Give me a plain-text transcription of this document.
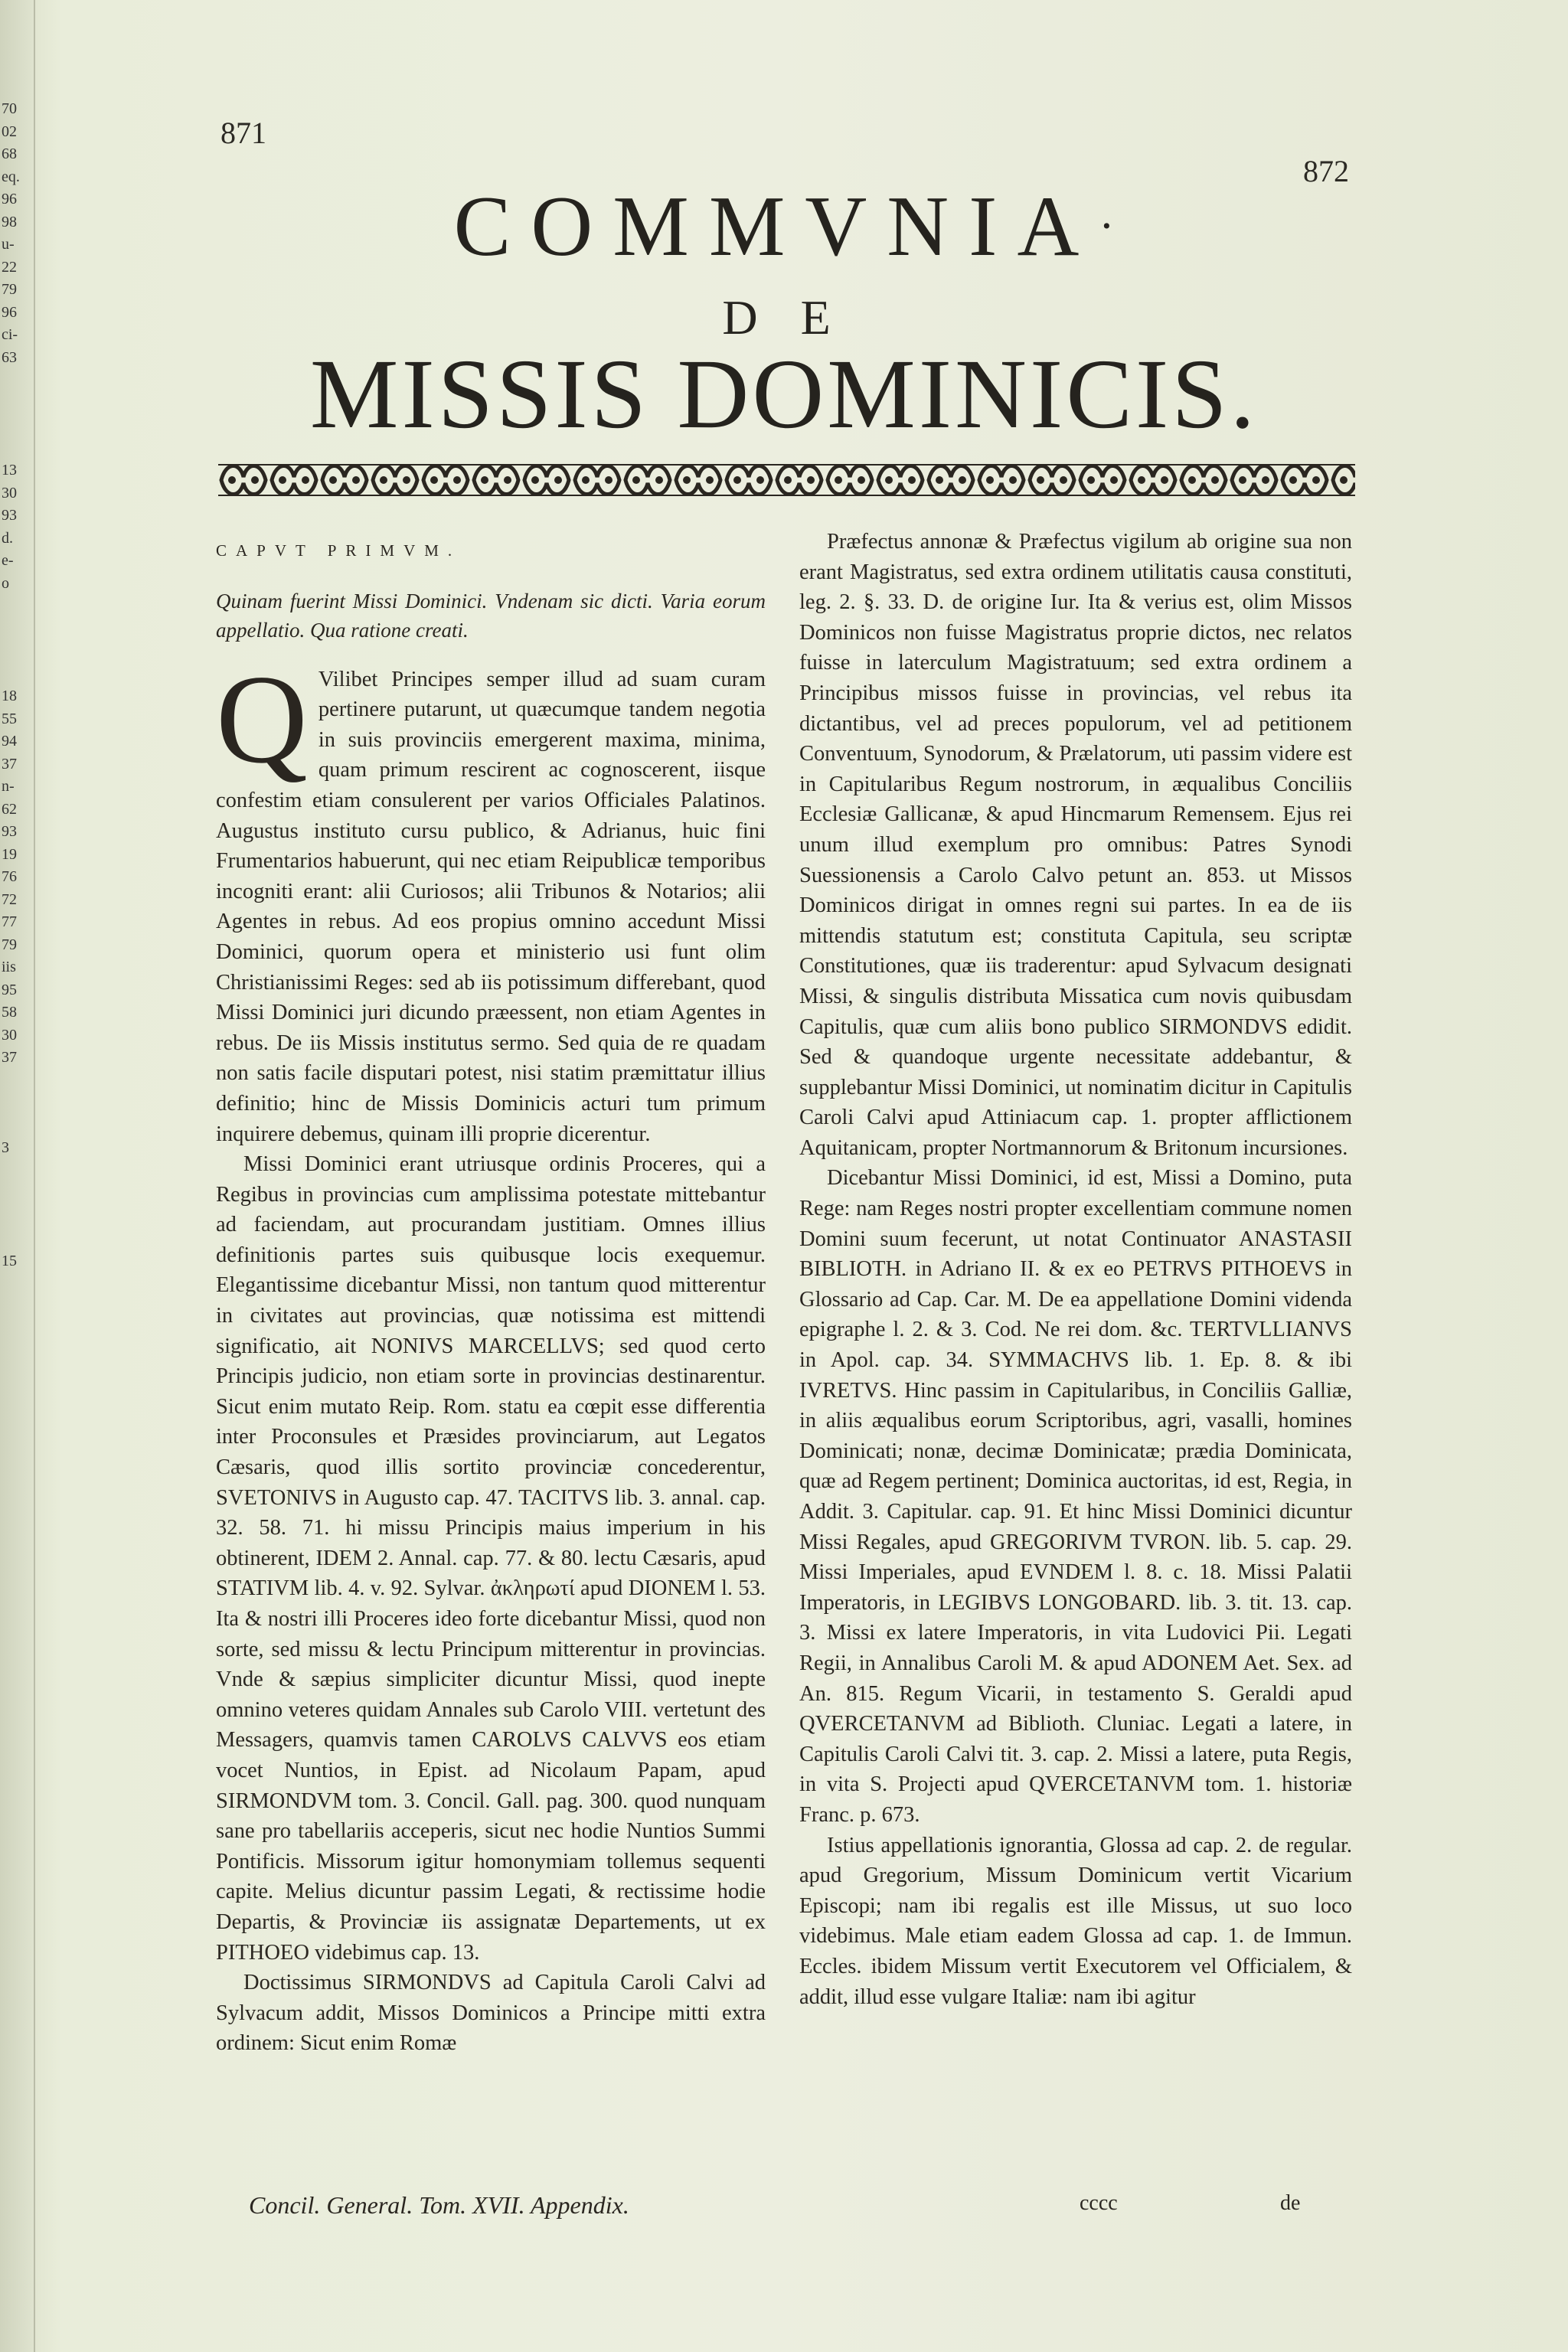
70
02
68
eq.
96
98
u-
22
79
96
ci-
63
13
30
93
d.
e-
o
18
55
94
37
n-
62
93
19
76
72
77
79
iis
95
58
30
37
3
15
871
872
COMMVNIA·
D E
MISSIS DOMINICIS.

CAPVT PRIMVM.

Quinam fuerint Missi Dominici. Vndenam sic dicti. Varia eorum appellatio. Qua ratione creati.

Q Vilibet Principes semper illud ad suam curam pertinere putarunt, ut quæcumque tandem negotia in suis provinciis emergerent maxima, minima, quam primum rescirent ac cognoscerent, iisque confestim etiam consulerent per varios Officiales Palatinos. Augustus instituto cursu publico, & Adrianus, huic fini Frumentarios habuerunt, qui nec etiam Reipublicæ temporibus incogniti erant: alii Curiosos; alii Tribunos & Notarios; alii Agentes in rebus. Ad eos propius omnino accedunt Missi Dominici, quorum opera et ministerio usi funt olim Christianissimi Reges: sed ab iis potissimum differebant, quod Missi Dominici juri dicundo præessent, non etiam Agentes in rebus. De iis Missis institutus sermo. Sed quia de re quadam non satis facile disputari potest, nisi statim præmittatur illius definitio; hinc de Missis Dominicis acturi tum primum inquirere debemus, quinam illi proprie dicerentur.

Missi Dominici erant utriusque ordinis Proceres, qui a Regibus in provincias cum amplissima potestate mittebantur ad faciendam, aut procurandam justitiam. Omnes illius definitionis partes suis quibusque locis exequemur. Elegantissime dicebantur Missi, non tantum quod mitterentur in civitates aut provincias, quæ notissima est mittendi significatio, ait NONIVS MARCELLVS; sed quod certo Principis judicio, non etiam sorte in provincias destinarentur. Sicut enim mutato Reip. Rom. statu ea cœpit esse differentia inter Proconsules et Præsides provinciarum, aut Legatos Cæsaris, quod illis sortito provinciæ concederentur, SVETONIVS in Augusto cap. 47. TACITVS lib. 3. annal. cap. 32. 58. 71. hi missu Principis maius imperium in his obtinerent, IDEM 2. Annal. cap. 77. & 80. lectu Cæsaris, apud STATIVM lib. 4. v. 92. Sylvar. ἀκληρωτί apud DIONEM l. 53. Ita & nostri illi Proceres ideo forte dicebantur Missi, quod non sorte, sed missu & lectu Principum mitterentur in provincias. Vnde & sæpius simpliciter dicuntur Missi, quod inepte omnino veteres quidam Annales sub Carolo VIII. vertetunt des Messagers, quamvis tamen CAROLVS CALVVS eos etiam vocet Nuntios, in Epist. ad Nicolaum Papam, apud SIRMONDVM tom. 3. Concil. Gall. pag. 300. quod nunquam sane pro tabellariis acceperis, sicut nec hodie Nuntios Summi Pontificis. Missorum igitur homonymiam tollemus sequenti capite. Melius dicuntur passim Legati, & rectissime hodie Departis, & Provinciæ iis assignatæ Departements, ut ex PITHOEO videbimus cap. 13.

Doctissimus SIRMONDVS ad Capitula Caroli Calvi ad Sylvacum addit, Missos Dominicos a Principe mitti extra ordinem: Sicut enim Romæ

Præfectus annonæ & Præfectus vigilum ab origine sua non erant Magistratus, sed extra ordinem utilitatis causa constituti, leg. 2. §. 33. D. de origine Iur. Ita & verius est, olim Missos Dominicos non fuisse Magistratus proprie dictos, nec relatos fuisse in laterculum Magistratuum; sed extra ordinem a Principibus missos fuisse in provincias, vel rebus ita dictantibus, vel ad preces populorum, vel ad petitionem Conventuum, Synodorum, & Prælatorum, uti passim videre est in Capitularibus Regum nostrorum, in æqualibus Conciliis Ecclesiæ Gallicanæ, & apud Hincmarum Remensem. Ejus rei unum illud exemplum pro omnibus: Patres Synodi Suessionensis a Carolo Calvo petunt an. 853. ut Missos Dominicos dirigat in omnes regni sui partes. In ea de iis mittendis statutum est; constituta Capitula, seu scriptæ Constitutiones, quæ iis traderentur: apud Sylvacum designati Missi, & singulis distributa Missatica cum novis quibusdam Capitulis, quæ cum aliis bono publico SIRMONDVS edidit. Sed & quandoque urgente necessitate addebantur, & supplebantur Missi Dominici, ut nominatim dicitur in Capitulis Caroli Calvi apud Attiniacum cap. 1. propter afflictionem Aquitanicam, propter Nortmannorum & Britonum incursiones.

Dicebantur Missi Dominici, id est, Missi a Domino, puta Rege: nam Reges nostri propter excellentiam commune nomen Domini suum fecerunt, ut notat Continuator ANASTASII BIBLIOTH. in Adriano II. & ex eo PETRVS PITHOEVS in Glossario ad Cap. Car. M. De ea appellatione Domini videnda epigraphe l. 2. & 3. Cod. Ne rei dom. &c. TERTVLLIANVS in Apol. cap. 34. SYMMACHVS lib. 1. Ep. 8. & ibi IVRETVS. Hinc passim in Capitularibus, in Conciliis Galliæ, in aliis æqualibus eorum Scriptoribus, agri, vasalli, homines Dominicati; nonæ, decimæ Dominicatæ; prædia Dominicata, quæ ad Regem pertinent; Dominica auctoritas, id est, Regia, in Addit. 3. Capitular. cap. 91. Et hinc Missi Dominici dicuntur Missi Regales, apud GREGORIVM TVRON. lib. 5. cap. 29. Missi Imperiales, apud EVNDEM l. 8. c. 18. Missi Palatii Imperatoris, in LEGIBVS LONGOBARD. lib. 3. tit. 13. cap. 3. Missi ex latere Imperatoris, in vita Ludovici Pii. Legati Regii, in Annalibus Caroli M. & apud ADONEM Aet. Sex. ad An. 815. Regum Vicarii, in testamento S. Geraldi apud QVERCETANVM ad Biblioth. Cluniac. Legati a latere, in Capitulis Caroli Calvi tit. 3. cap. 2. Missi a latere, puta Regis, in vita S. Projecti apud QVERCETANVM tom. 1. historiæ Franc. p. 673.

Istius appellationis ignorantia, Glossa ad cap. 2. de regular. apud Gregorium, Missum Dominicum vertit Vicarium Episcopi; nam ibi regalis est ille Missus, ut suo loco videbimus. Male etiam eadem Glossa ad cap. 1. de Immun. Eccles. ibidem Missum vertit Executorem vel Officialem, & addit, illud esse vulgare Italiæ: nam ibi agitur

Concil. General. Tom. XVII. Appendix.	cccc	de
